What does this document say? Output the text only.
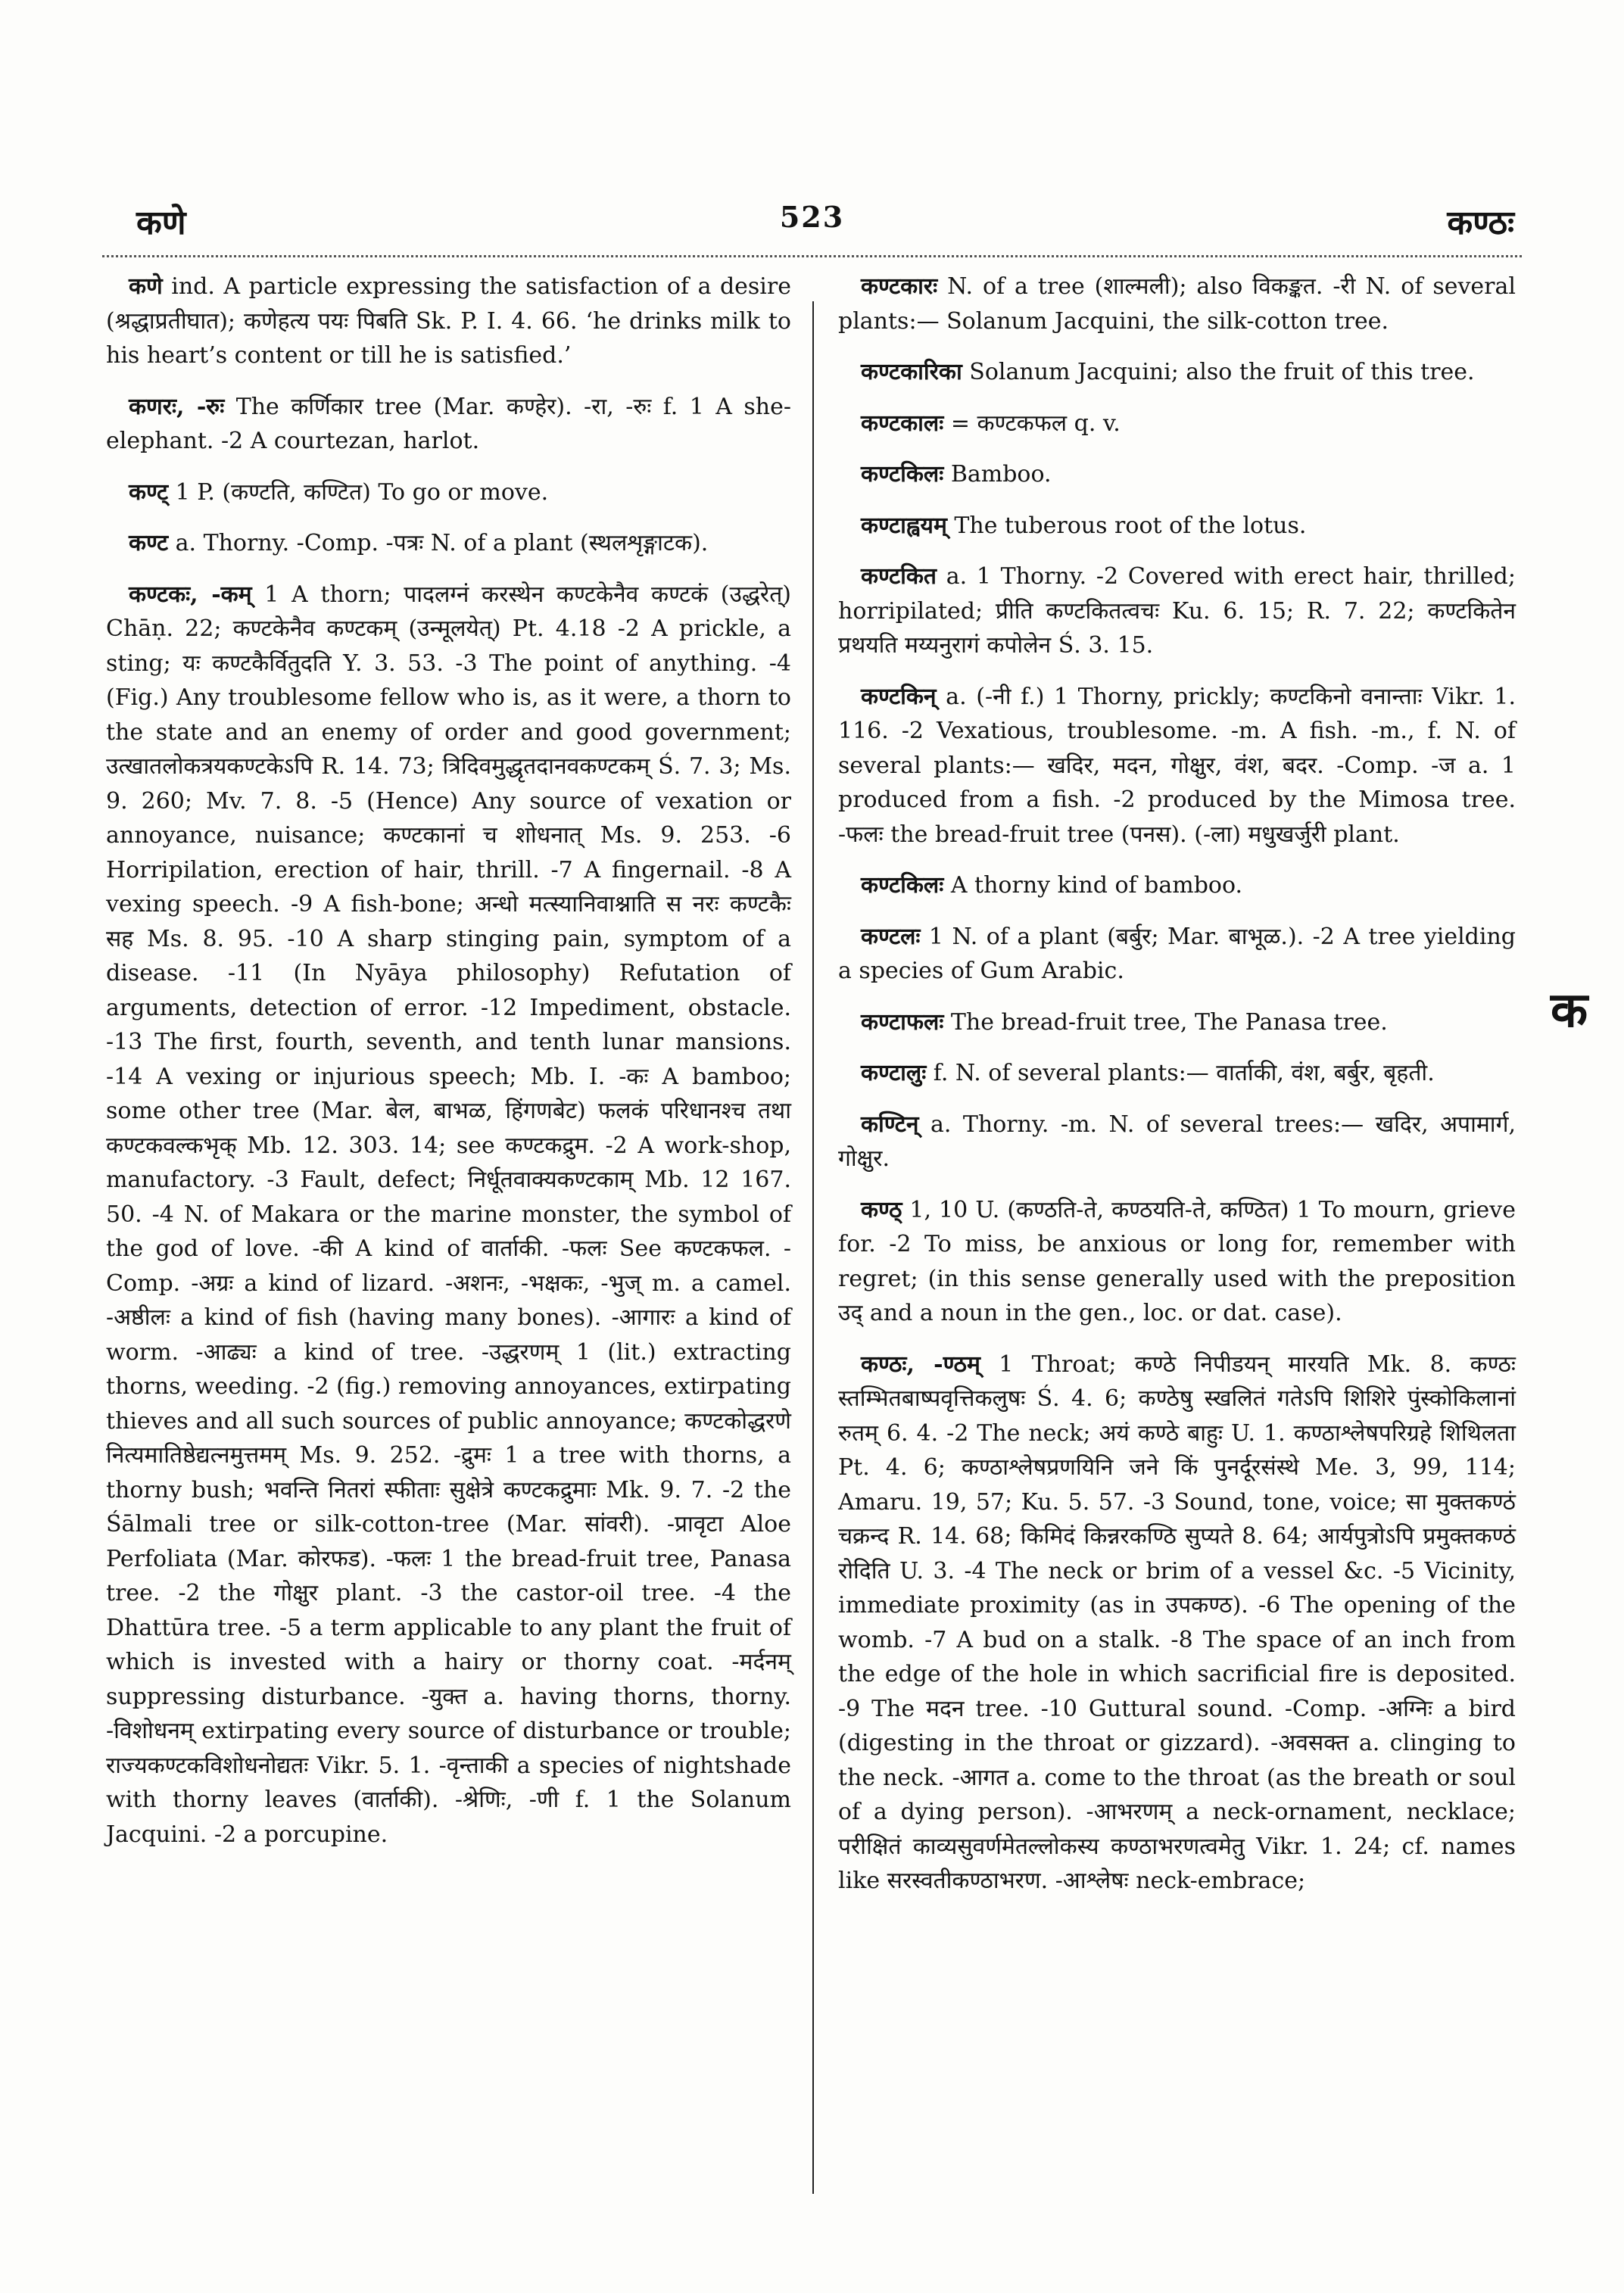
कणे	523	कण्ठः

कणे ind. A particle expressing the satisfaction of a desire (श्रद्धाप्रतीघात); कणेहत्य पयः पिबति Sk. P. I. 4. 66. ‘he drinks milk to his heart’s content or till he is satisfied.’

कणरः, -रुः The कर्णिकार tree (Mar. कण्हेर). -रा, -रुः f. 1 A she-elephant. -2 A courtezan, harlot.

कण्ट् 1 P. (कण्टति, कण्टित) To go or move.

कण्ट a. Thorny. -Comp. -पत्रः N. of a plant (स्थलशृङ्गाटक).

कण्टकः, -कम् 1 A thorn; पादलग्नं करस्थेन कण्टकेनैव कण्टकं (उद्धरेत्) Chāṇ. 22; कण्टकेनैव कण्टकम् (उन्मूलयेत्) Pt. 4.18 -2 A prickle, a sting; यः कण्टकैर्वितुदति Y. 3. 53. -3 The point of anything. -4 (Fig.) Any troublesome fellow who is, as it were, a thorn to the state and an enemy of order and good government; उत्खातलोकत्रयकण्टकेऽपि R. 14. 73; त्रिदिवमुद्धृतदानवकण्टकम् Ś. 7. 3; Ms. 9. 260; Mv. 7. 8. -5 (Hence) Any source of vexation or annoyance, nuisance; कण्टकानां च शोधनात् Ms. 9. 253. -6 Horripilation, erection of hair, thrill. -7 A fingernail. -8 A vexing speech. -9 A fish-bone; अन्धो मत्स्यानिवाश्नाति स नरः कण्टकैः सह Ms. 8. 95. -10 A sharp stinging pain, symptom of a disease. -11 (In Nyāya philosophy) Refutation of arguments, detection of error. -12 Impediment, obstacle. -13 The first, fourth, seventh, and tenth lunar mansions. -14 A vexing or injurious speech; Mb. I. -कः A bamboo; some other tree (Mar. बेल, बाभळ, हिंगणबेट) फलकं परिधानश्च तथा कण्टकवल्कभृक् Mb. 12. 303. 14; see कण्टकद्रुम. -2 A work-shop, manufactory. -3 Fault, defect; निर्धूतवाक्यकण्टकाम् Mb. 12 167. 50. -4 N. of Makara or the marine monster, the symbol of the god of love. -की A kind of वार्ताकी. -फलः See कण्टकफल. -Comp. -अग्रः a kind of lizard. -अशनः, -भक्षकः, -भुज् m. a camel. -अष्ठीलः a kind of fish (having many bones). -आगारः a kind of worm. -आढ्यः a kind of tree. -उद्धरणम् 1 (lit.) extracting thorns, weeding. -2 (fig.) removing annoyances, extirpating thieves and all such sources of public annoyance; कण्टकोद्धरणे नित्यमातिष्ठेद्यत्नमुत्तमम् Ms. 9. 252. -द्रुमः 1 a tree with thorns, a thorny bush; भवन्ति नितरां स्फीताः सुक्षेत्रे कण्टकद्रुमाः Mk. 9. 7. -2 the Śālmali tree or silk-cotton-tree (Mar. सांवरी). -प्रावृटा Aloe Perfoliata (Mar. कोरफड). -फलः 1 the bread-fruit tree, Panasa tree. -2 the गोक्षुर plant. -3 the castor-oil tree. -4 the Dhattūra tree. -5 a term applicable to any plant the fruit of which is invested with a hairy or thorny coat. -मर्दनम् suppressing disturbance. -युक्त a. having thorns, thorny. -विशोधनम् extirpating every source of disturbance or trouble; राज्यकण्टकविशोधनोद्यतः Vikr. 5. 1. -वृन्ताकी a species of nightshade with thorny leaves (वार्ताकी). -श्रेणिः, -णी f. 1 the Solanum Jacquini. -2 a porcupine.

कण्टकारः N. of a tree (शाल्मली); also विकङ्कत. -री N. of several plants:— Solanum Jacquini, the silk-cotton tree.

कण्टकारिका Solanum Jacquini; also the fruit of this tree.

कण्टकालः = कण्टकफल q. v.

कण्टकिलः Bamboo.

कण्टाह्वयम् The tuberous root of the lotus.

कण्टकित a. 1 Thorny. -2 Covered with erect hair, thrilled; horripilated; प्रीति कण्टकितत्वचः Ku. 6. 15; R. 7. 22; कण्टकितेन प्रथयति मय्यनुरागं कपोलेन Ś. 3. 15.

कण्टकिन् a. (-नी f.) 1 Thorny, prickly; कण्टकिनो वनान्ताः Vikr. 1. 116. -2 Vexatious, troublesome. -m. A fish. -m., f. N. of several plants:— खदिर, मदन, गोक्षुर, वंश, बदर. -Comp. -ज a. 1 produced from a fish. -2 produced by the Mimosa tree. -फलः the bread-fruit tree (पनस). (-ला) मधुखर्जुरी plant.

कण्टकिलः A thorny kind of bamboo.

कण्टलः 1 N. of a plant (बर्बुर; Mar. बाभूळ.). -2 A tree yielding a species of Gum Arabic.

कण्टाफलः The bread-fruit tree, The Panasa tree.

कण्टालुः f. N. of several plants:— वार्ताकी, वंश, बर्बुर, बृहती.

कण्टिन् a. Thorny. -m. N. of several trees:— खदिर, अपामार्ग, गोक्षुर.

कण्ठ् 1, 10 U. (कण्ठति-ते, कण्ठयति-ते, कण्ठित) 1 To mourn, grieve for. -2 To miss, be anxious or long for, remember with regret; (in this sense generally used with the preposition उद् and a noun in the gen., loc. or dat. case).

कण्ठः, -ण्ठम् 1 Throat; कण्ठे निपीडयन् मारयति Mk. 8. कण्ठः स्तम्भितबाष्पवृत्तिकलुषः Ś. 4. 6; कण्ठेषु स्खलितं गतेऽपि शिशिरे पुंस्कोकिलानां रुतम् 6. 4. -2 The neck; अयं कण्ठे बाहुः U. 1. कण्ठाश्लेषपरिग्रहे शिथिलता Pt. 4. 6; कण्ठाश्लेषप्रणयिनि जने किं पुनर्दूरसंस्थे Me. 3, 99, 114; Amaru. 19, 57; Ku. 5. 57. -3 Sound, tone, voice; सा मुक्तकण्ठं चक्रन्द R. 14. 68; किमिदं किन्नरकण्ठि सुप्यते 8. 64; आर्यपुत्रोऽपि प्रमुक्तकण्ठं रोदिति U. 3. -4 The neck or brim of a vessel &c. -5 Vicinity, immediate proximity (as in उपकण्ठ). -6 The opening of the womb. -7 A bud on a stalk. -8 The space of an inch from the edge of the hole in which sacrificial fire is deposited. -9 The मदन tree. -10 Guttural sound. -Comp. -अग्निः a bird (digesting in the throat or gizzard). -अवसक्त a. clinging to the neck. -आगत a. come to the throat (as the breath or soul of a dying person). -आभरणम् a neck-ornament, necklace; परीक्षितं काव्यसुवर्णमेतल्लोकस्य कण्ठाभरणत्वमेतु Vikr. 1. 24; cf. names like सरस्वतीकण्ठाभरण. -आश्लेषः neck-embrace;

क
